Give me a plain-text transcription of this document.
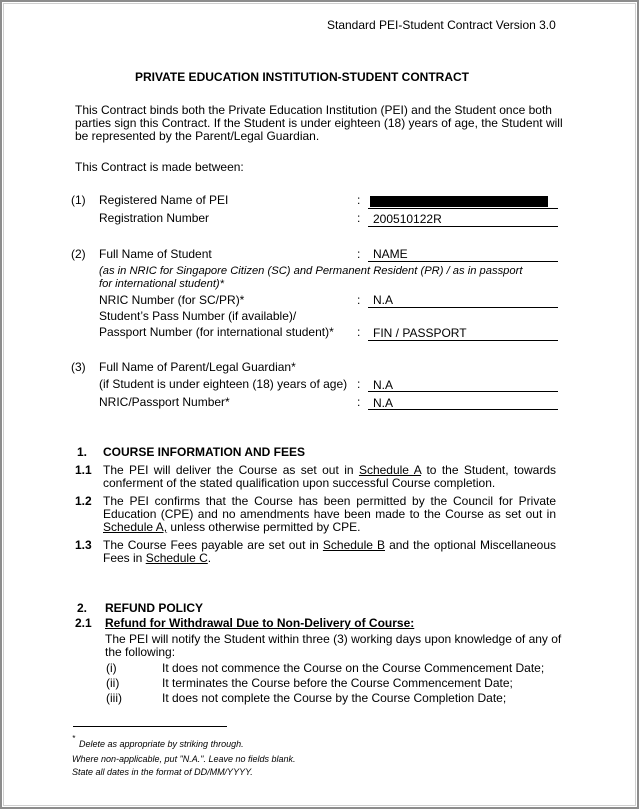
Standard PEI-Student Contract Version 3.0
PRIVATE EDUCATION INSTITUTION-STUDENT CONTRACT
This Contract binds both the Private Education Institution (PEI) and the Student once both
parties sign this Contract. If the Student is under eighteen (18) years of age, the Student will
be represented by the Parent/Legal Guardian.
This Contract is made between:
(1) Registered Name of PEI	:
Registration Number	: 200510122R
(2) Full Name of Student	: NAME
(as in NRIC for Singapore Citizen (SC) and Permanent Resident (PR) / as in passport
for international student)*
NRIC Number (for SC/PR)*	: N.A
Student’s Pass Number (if available)/
Passport Number (for international student)* : FIN / PASSPORT
(3) Full Name of Parent/Legal Guardian*
(if Student is under eighteen (18) years of age) : N.A
NRIC/Passport Number*	: N.A
1. COURSE INFORMATION AND FEES
1.1 The PEI will deliver the Course as set out in Schedule A to the Student, towards
conferment of the stated qualification upon successful Course completion.
1.2 The PEI confirms that the Course has been permitted by the Council for Private
Education (CPE) and no amendments have been made to the Course as set out in
Schedule A, unless otherwise permitted by CPE.
1.3 The Course Fees payable are set out in Schedule B and the optional Miscellaneous
Fees in Schedule C.
2. REFUND POLICY
2.1 Refund for Withdrawal Due to Non-Delivery of Course:
The PEI will notify the Student within three (3) working days upon knowledge of any of
the following:
(i)	It does not commence the Course on the Course Commencement Date;
(ii)	It terminates the Course before the Course Commencement Date;
(iii)	It does not complete the Course by the Course Completion Date;
*
Delete as appropriate by striking through.
Where non-applicable, put "N.A.". Leave no fields blank.
State all dates in the format of DD/MM/YYYY.
